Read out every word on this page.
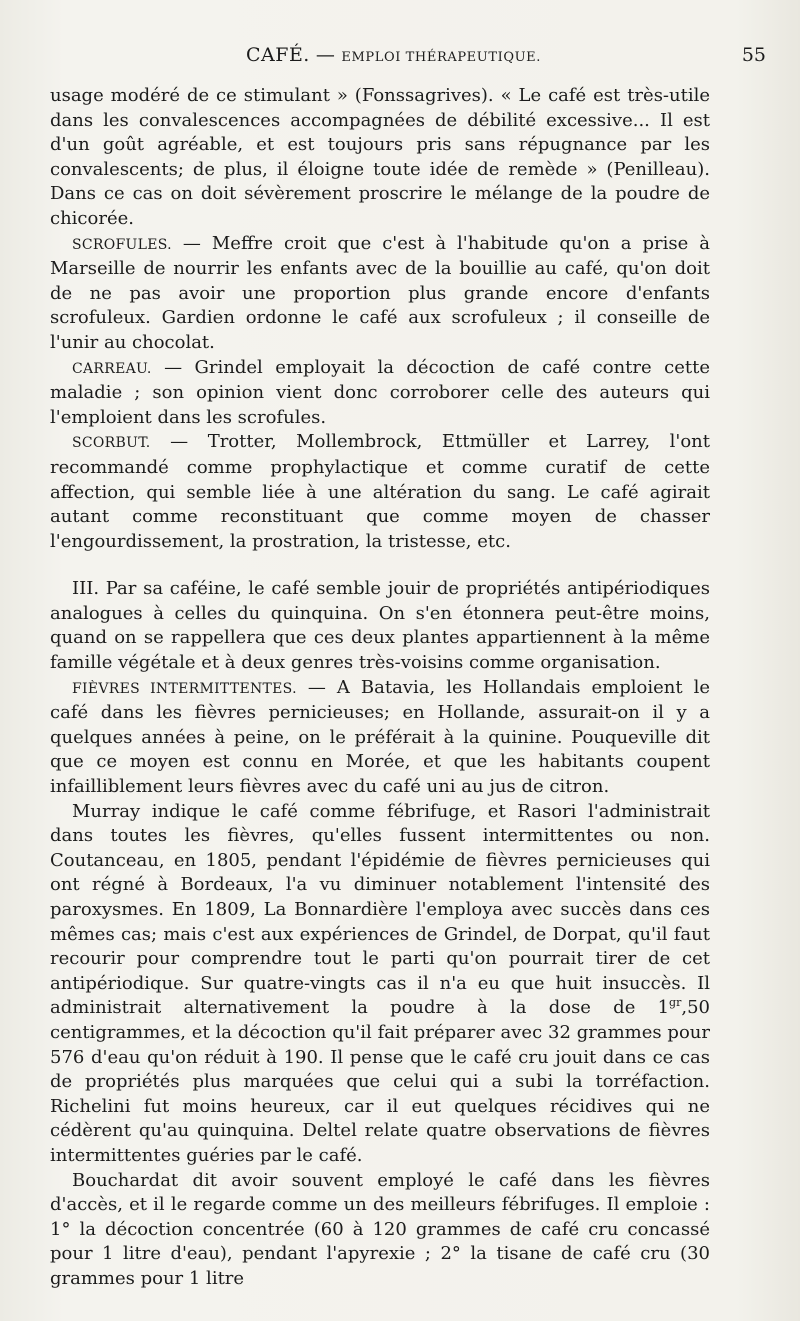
CAFÉ. — EMPLOI THÉRAPEUTIQUE.	55

usage modéré de ce stimulant » (Fonssagrives). « Le café est très-utile dans les convalescences accompagnées de débilité excessive... Il est d'un goût agréable, et est toujours pris sans répugnance par les convalescents; de plus, il éloigne toute idée de remède » (Penilleau). Dans ce cas on doit sévèrement proscrire le mélange de la poudre de chicorée.

SCROFULES. — Meffre croit que c'est à l'habitude qu'on a prise à Marseille de nourrir les enfants avec de la bouillie au café, qu'on doit de ne pas avoir une proportion plus grande encore d'enfants scrofuleux. Gardien ordonne le café aux scrofuleux ; il conseille de l'unir au chocolat.

CARREAU. — Grindel employait la décoction de café contre cette maladie ; son opinion vient donc corroborer celle des auteurs qui l'emploient dans les scrofules.

SCORBUT. — Trotter, Mollembrock, Ettmüller et Larrey, l'ont recommandé comme prophylactique et comme curatif de cette affection, qui semble liée à une altération du sang. Le café agirait autant comme reconstituant que comme moyen de chasser l'engourdissement, la prostration, la tristesse, etc.

III. Par sa caféine, le café semble jouir de propriétés antipériodiques analogues à celles du quinquina. On s'en étonnera peut-être moins, quand on se rappellera que ces deux plantes appartiennent à la même famille végétale et à deux genres très-voisins comme organisation.

FIÈVRES INTERMITTENTES. — A Batavia, les Hollandais emploient le café dans les fièvres pernicieuses; en Hollande, assurait-on il y a quelques années à peine, on le préférait à la quinine. Pouqueville dit que ce moyen est connu en Morée, et que les habitants coupent infailliblement leurs fièvres avec du café uni au jus de citron.

Murray indique le café comme fébrifuge, et Rasori l'administrait dans toutes les fièvres, qu'elles fussent intermittentes ou non. Coutanceau, en 1805, pendant l'épidémie de fièvres pernicieuses qui ont régné à Bordeaux, l'a vu diminuer notablement l'intensité des paroxysmes. En 1809, La Bonnardière l'employa avec succès dans ces mêmes cas; mais c'est aux expériences de Grindel, de Dorpat, qu'il faut recourir pour comprendre tout le parti qu'on pourrait tirer de cet antipériodique. Sur quatre-vingts cas il n'a eu que huit insuccès. Il administrait alternativement la poudre à la dose de $1^{gr},50$ centigrammes, et la décoction qu'il fait préparer avec 32 grammes pour 576 d'eau qu'on réduit à 190. Il pense que le café cru jouit dans ce cas de propriétés plus marquées que celui qui a subi la torréfaction. Richelini fut moins heureux, car il eut quelques récidives qui ne cédèrent qu'au quinquina. Deltel relate quatre observations de fièvres intermittentes guéries par le café.

Bouchardat dit avoir souvent employé le café dans les fièvres d'accès, et il le regarde comme un des meilleurs fébrifuges. Il emploie : 1° la décoction concentrée (60 à 120 grammes de café cru concassé pour 1 litre d'eau), pendant l'apyrexie ; 2° la tisane de café cru (30 grammes pour 1 litre
